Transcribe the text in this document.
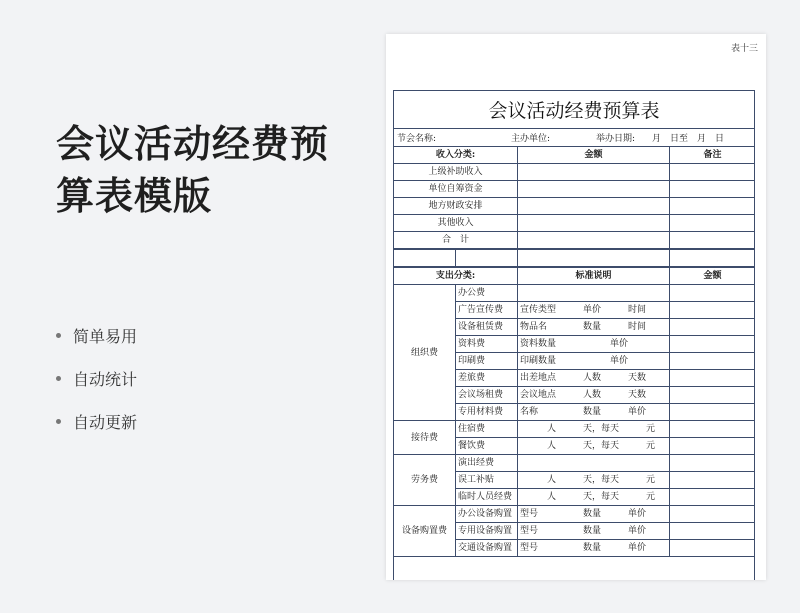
会议活动经费预
算表模版
简单易用
自动统计
自动更新
表十三
会议活动经费预算表
节会名称:	主办单位:	举办日期: 月　日至　月　日
收入分类:	金额	备注
上级补助收入		
单位自筹资金		
地方财政安排		
其他收入		
合　计		

支出分类:		标准说明	金额
组织费	办公费		
	广告宣传费	宣传类型　　　单价　　　时间	
	设备租赁费	物品名　　　　数量　　　时间	
	资料费	资料数量　　　　　　单价	
	印刷费	印刷数量　　　　　　单价	
	差旅费	出差地点　　　人数　　　天数	
	会议场租费	会议地点　　　人数　　　天数	
	专用材料费	名称　　　　　数量　　　单价	
接待费	住宿费	　　　人　　　天，每天　　　元	
	餐饮费	　　　人　　　天，每天　　　元	
劳务费	演出经费		
	误工补贴	　　　人　　　天，每天　　　元	
	临时人员经费	　　　人　　　天，每天　　　元	
设备购置费	办公设备购置	型号　　　　　数量　　　单价	
	专用设备购置	型号　　　　　数量　　　单价	
	交通设备购置	型号　　　　　数量　　　单价	
